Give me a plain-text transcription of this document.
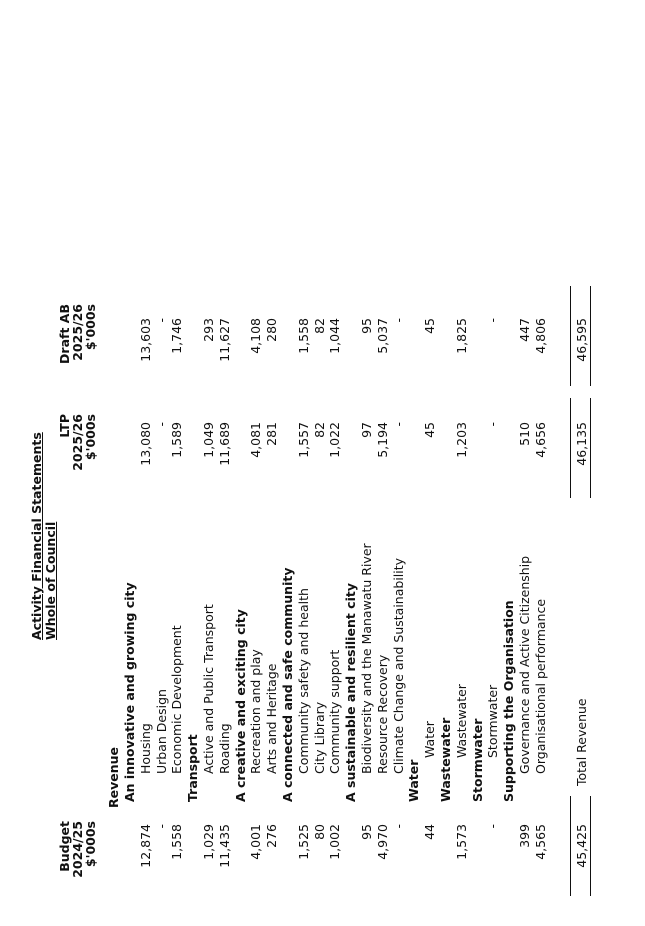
Activity Financial Statements Whole of Council
Budget
2024/25
$'000s
LTP
2025/26
$'000s
Draft AB
2025/26
$'000s
Revenue An innovative and growing city Housing
12,874
13,080
13,603
Urban Design
-
-
-
Economic Development
1,558
1,589
1,746
Transport Active and Public Transport
1,029
1,049
293
Roading
11,435
11,689
11,627
A creative and exciting city Recreation and play
4,001
4,081
4,108
Arts and Heritage
276
281
280
A connected and safe community Community safety and health
1,525
1,557
1,558
City Library
80
82
82
Community support
1,002
1,022
1,044
A sustainable and resilient city Biodiversity and the Manawatu River
95
97
95
Resource Recovery
4,970
5,194
5,037
Climate Change and Sustainability
-
-
-
Water
Water
44
45
45
Wastewater Wastewater
1,573
1,203
1,825
Stormwater Stormwater
-
-
-
Supporting the Organisation Governance and Active Citizenship
399
510
447
Organisational performance
4,565
4,656
4,806
45,425
Total Revenue
46,135
46,595
